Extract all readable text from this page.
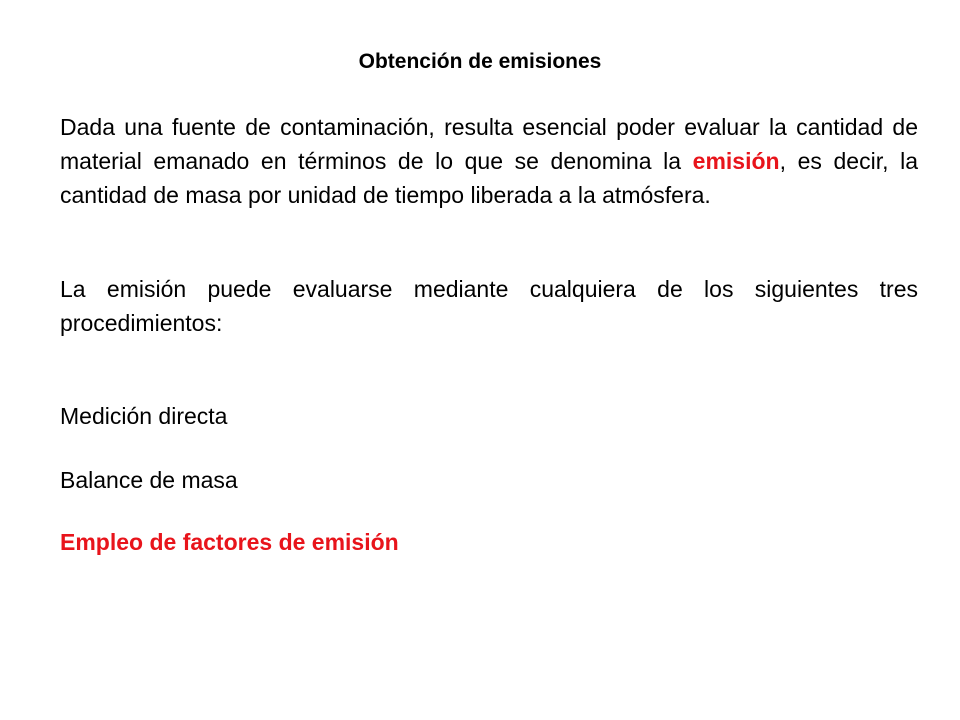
Obtención de emisiones

Dada una fuente de contaminación, resulta esencial poder evaluar la cantidad de material emanado en términos de lo que se denomina la emisión, es decir, la cantidad de masa por unidad de tiempo liberada a la atmósfera.

La emisión puede evaluarse mediante cualquiera de los siguientes tres procedimientos:

Medición directa

Balance de masa

Empleo de factores de emisión
